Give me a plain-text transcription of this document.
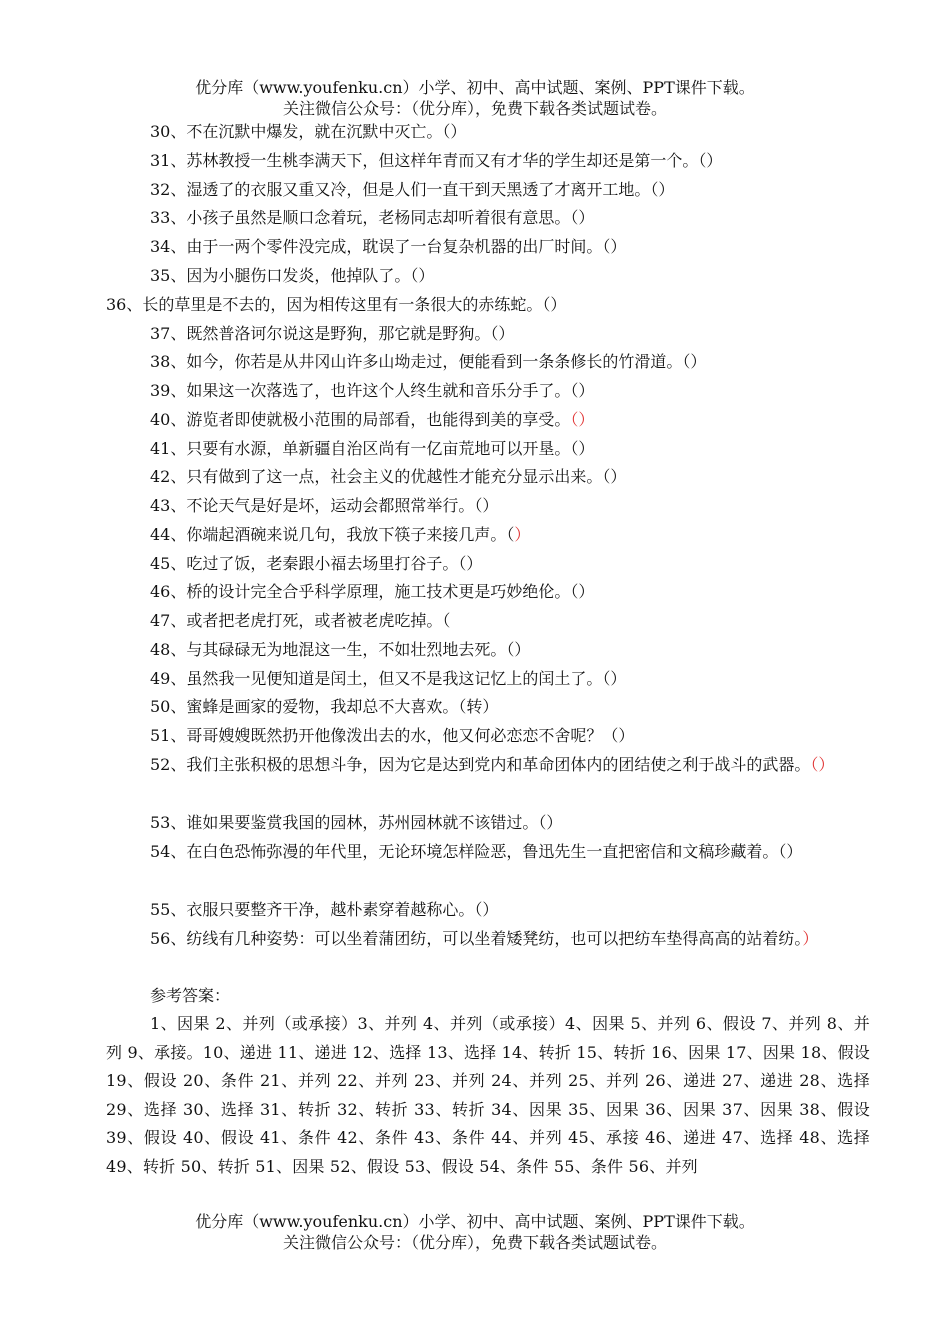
优分库（www.youfenku.cn）小学、初中、高中试题、案例、PPT课件下载。
关注微信公众号：（优分库），免费下载各类试题试卷。
30、不在沉默中爆发，就在沉默中灭亡。（）
31、苏林教授一生桃李满天下，但这样年青而又有才华的学生却还是第一个。（）
32、湿透了的衣服又重又冷，但是人们一直干到天黑透了才离开工地。（）
33、小孩子虽然是顺口念着玩，老杨同志却听着很有意思。（）
34、由于一两个零件没完成，耽误了一台复杂机器的出厂时间。（）
35、因为小腿伤口发炎，他掉队了。（）
36、长的草里是不去的，因为相传这里有一条很大的赤练蛇。（）
37、既然普洛诃尔说这是野狗，那它就是野狗。（）
38、如今，你若是从井冈山许多山坳走过，便能看到一条条修长的竹滑道。（）
39、如果这一次落选了，也许这个人终生就和音乐分手了。（）
40、游览者即使就极小范围的局部看，也能得到美的享受。（）
41、只要有水源，单新疆自治区尚有一亿亩荒地可以开垦。（）
42、只有做到了这一点，社会主义的优越性才能充分显示出来。（）
43、不论天气是好是坏，运动会都照常举行。（）
44、你端起酒碗来说几句，我放下筷子来接几声。（）
45、吃过了饭，老秦跟小福去场里打谷子。（）
46、桥的设计完全合乎科学原理，施工技术更是巧妙绝伦。（）
47、或者把老虎打死，或者被老虎吃掉。（
48、与其碌碌无为地混这一生，不如壮烈地去死。（）
49、虽然我一见便知道是闰土，但又不是我这记忆上的闰土了。（）
50、蜜蜂是画家的爱物，我却总不大喜欢。（转）
51、哥哥嫂嫂既然扔开他像泼出去的水，他又何必恋恋不舍呢？（）
52、我们主张积极的思想斗争，因为它是达到党内和革命团体内的团结使之利于战斗的武器。（）
53、谁如果要鉴赏我国的园林，苏州园林就不该错过。（）
54、在白色恐怖弥漫的年代里，无论环境怎样险恶，鲁迅先生一直把密信和文稿珍藏着。（）
55、衣服只要整齐干净，越朴素穿着越称心。（）
56、纺线有几种姿势：可以坐着蒲团纺，可以坐着矮凳纺，也可以把纺车垫得高高的站着纺。）
参考答案：
1、因果 2、并列（或承接）3、并列 4、并列（或承接）4、因果 5、并列 6、假设 7、并列 8、并列 9、承接。10、递进 11、递进 12、选择 13、选择 14、转折 15、转折 16、因果 17、因果 18、假设 19、假设 20、条件 21、并列 22、并列 23、并列 24、并列 25、并列 26、递进 27、递进 28、选择 29、选择 30、选择 31、转折 32、转折 33、转折 34、因果 35、因果 36、因果 37、因果 38、假设 39、假设 40、假设 41、条件 42、条件 43、条件 44、并列 45、承接 46、递进 47、选择 48、选择 49、转折 50、转折 51、因果 52、假设 53、假设 54、条件 55、条件 56、并列
优分库（www.youfenku.cn）小学、初中、高中试题、案例、PPT课件下载。
关注微信公众号：（优分库），免费下载各类试题试卷。
